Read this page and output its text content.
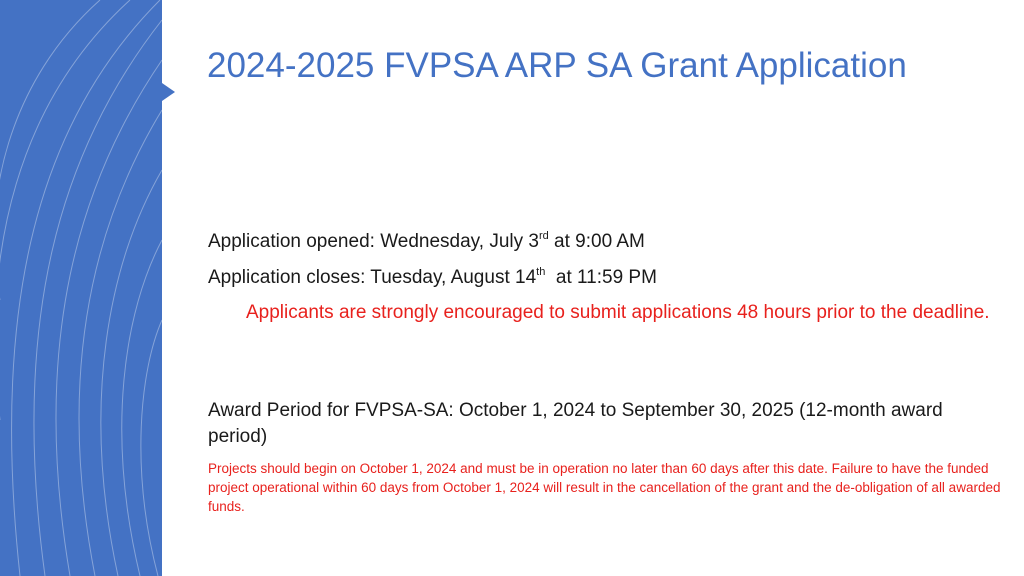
2024-2025 FVPSA ARP SA Grant Application
Application opened: Wednesday, July 3rd at 9:00 AM
Application closes: Tuesday, August 14th  at 11:59 PM
Applicants are strongly encouraged to submit applications 48 hours prior to the deadline.
Award Period for FVPSA-SA: October 1, 2024 to September 30, 2025 (12-month award period)
Projects should begin on October 1, 2024 and must be in operation no later than 60 days after this date. Failure to have the funded project operational within 60 days from October 1, 2024 will result in the cancellation of the grant and the de-obligation of all awarded funds.
